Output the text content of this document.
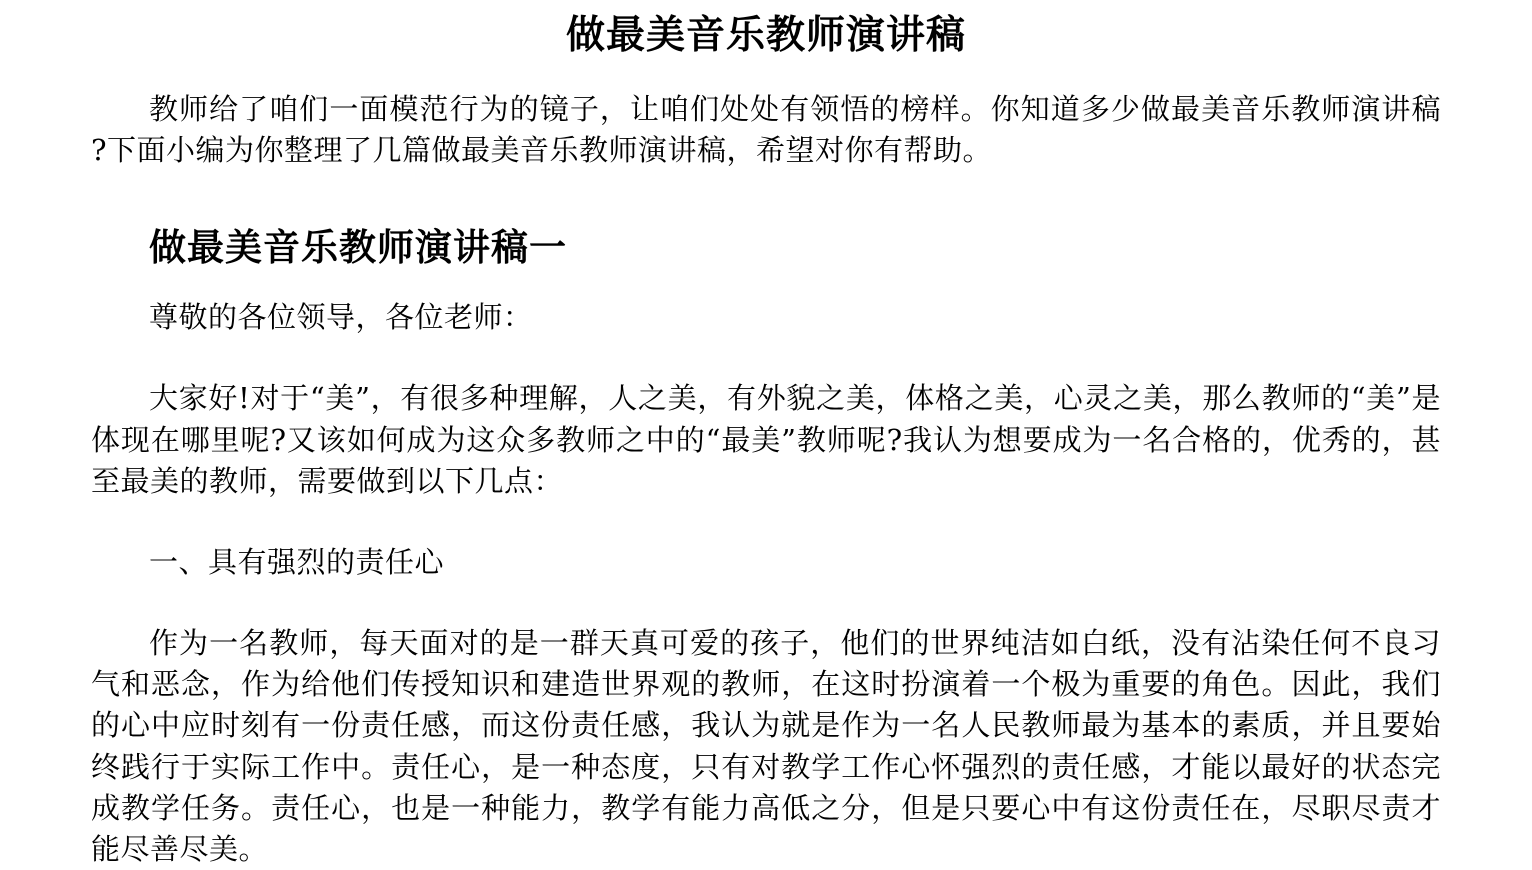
做最美音乐教师演讲稿

教师给了咱们一面模范行为的镜子，让咱们处处有领悟的榜样。你知道多少做最美音乐教师演讲稿 ?下面小编为你整理了几篇做最美音乐教师演讲稿，希望对你有帮助。

做最美音乐教师演讲稿一

尊敬的各位领导，各位老师：

大家好!对于“美”，有很多种理解，人之美，有外貌之美，体格之美，心灵之美，那么教师的“美”是体现在哪里呢?又该如何成为这众多教师之中的“最美”教师呢?我认为想要成为一名合格的，优秀的，甚至最美的教师，需要做到以下几点：

一、具有强烈的责任心

作为一名教师，每天面对的是一群天真可爱的孩子，他们的世界纯洁如白纸，没有沾染任何不良习气和恶念，作为给他们传授知识和建造世界观的教师，在这时扮演着一个极为重要的角色。因此，我们的心中应时刻有一份责任感，而这份责任感，我认为就是作为一名人民教师最为基本的素质，并且要始终践行于实际工作中。责任心，是一种态度，只有对教学工作心怀强烈的责任感，才能以最好的状态完成教学任务。责任心，也是一种能力，教学有能力高低之分，但是只要心中有这份责任在，尽职尽责才能尽善尽美。
